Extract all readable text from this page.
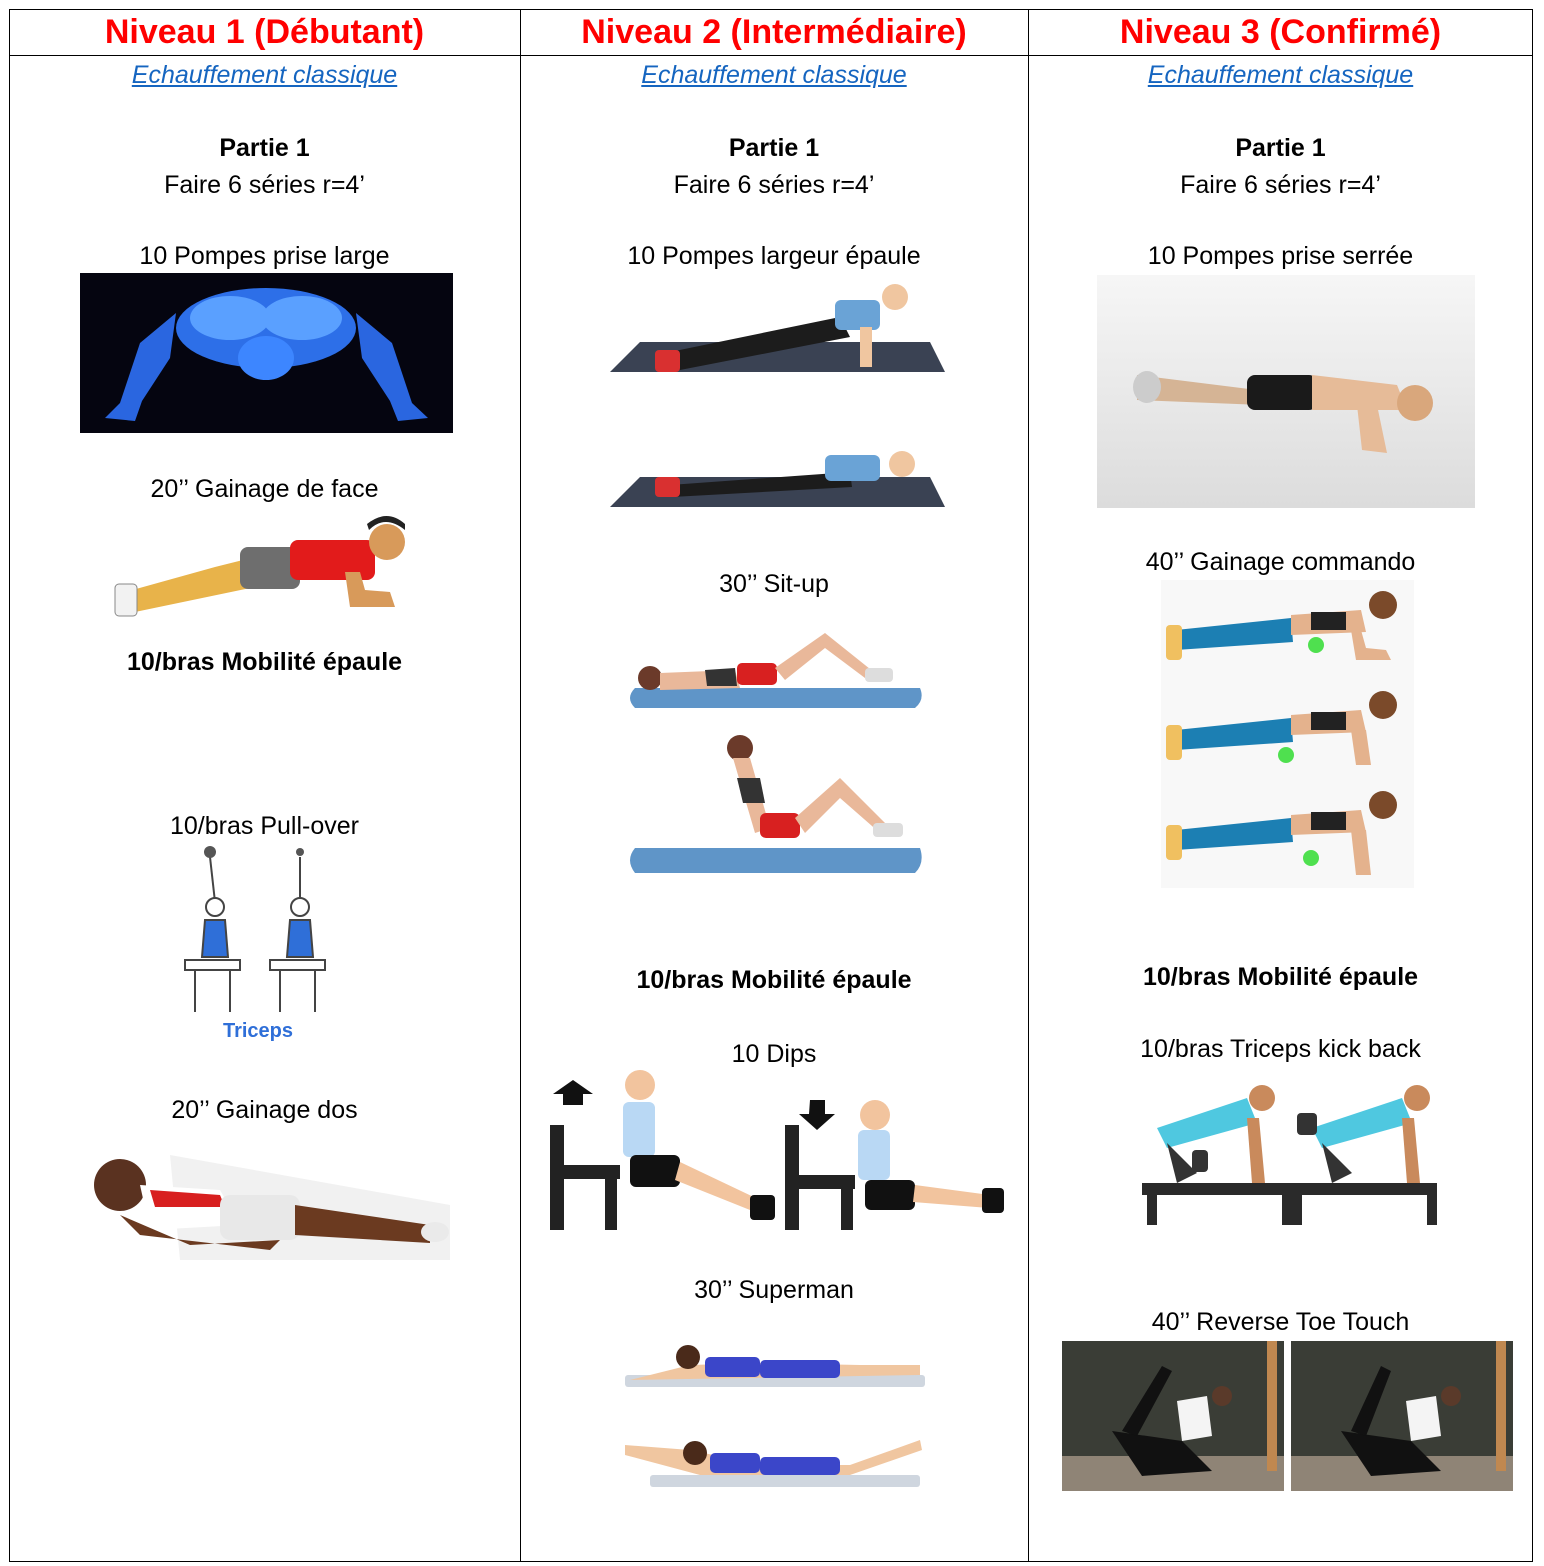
Niveau 1 (Débutant)
Echauffement classique
Partie 1
Faire 6 séries r=4’
10 Pompes prise large
20’’ Gainage de face
10/bras Mobilité épaule
10/bras Pull-over
Triceps
20’’ Gainage dos
Niveau 2 (Intermédiaire)
Echauffement classique
Partie 1
Faire 6 séries r=4’
10 Pompes largeur épaule
30’’ Sit-up
10/bras Mobilité épaule
10 Dips
30’’ Superman
Niveau 3 (Confirmé)
Echauffement classique
Partie 1
Faire 6 séries r=4’
10 Pompes prise serrée
40’’ Gainage commando
10/bras Mobilité épaule
10/bras Triceps kick back
40’’ Reverse Toe Touch
